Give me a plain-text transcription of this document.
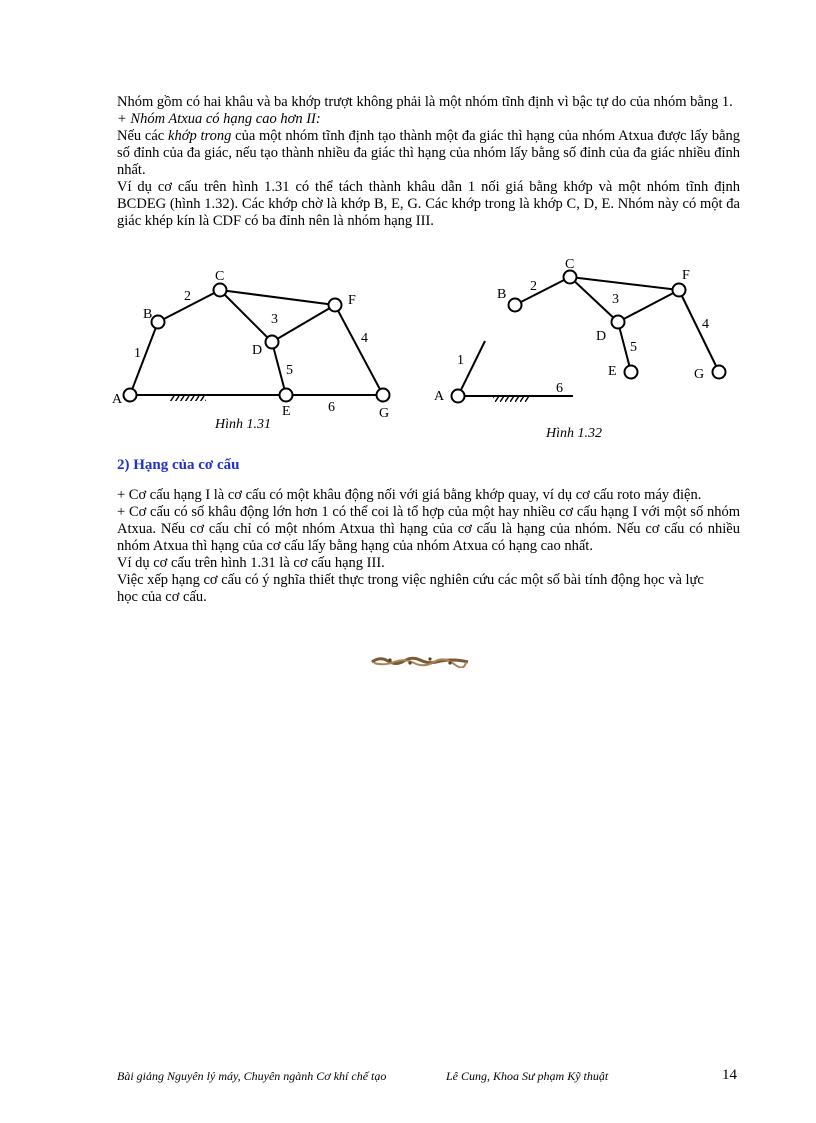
Nhóm gồm có hai khâu và ba khớp trượt không phải là một nhóm tĩnh định vì bậc tự do của nhóm bằng 1.

+ Nhóm Atxua có hạng cao hơn II:

Nếu các khớp trong của một nhóm tĩnh định tạo thành một đa giác thì hạng của nhóm Atxua được lấy bằng số đỉnh của đa giác, nếu tạo thành nhiều đa giác thì hạng của nhóm lấy bằng số đỉnh của đa giác nhiều đỉnh nhất.

Ví dụ cơ cấu trên hình 1.31 có thể tách thành khâu dẫn 1 nối giá bằng khớp và một nhóm tĩnh định BCDEG (hình 1.32). Các khớp chờ là khớp B, E, G. Các khớp trong là khớp C, D, E. Nhóm này có một đa giác khép kín là CDF có ba đỉnh nên là nhóm hạng III.

A
B
C
D
E
F
G
1
2
3
4
5
6
Hình 1.31
A
B
C
D
E
F
G
1
2
3
4
5
6
Hình 1.32
2) Hạng của cơ cấu

+ Cơ cấu hạng I là cơ cấu có một khâu động nối với giá bằng khớp quay, ví dụ cơ cấu roto máy điện.

+ Cơ cấu có số khâu động lớn hơn 1 có thể coi là tổ hợp của một hay nhiều cơ cấu hạng I với một số nhóm Atxua. Nếu cơ cấu chỉ có một nhóm Atxua thì hạng của cơ cấu là hạng của nhóm. Nếu cơ cấu có nhiều nhóm Atxua thì hạng của cơ cấu lấy bằng hạng của nhóm Atxua có hạng cao nhất.

Ví dụ cơ cấu trên hình 1.31 là cơ cấu hạng III.

Việc xếp hạng cơ cấu có ý nghĩa thiết thực trong việc nghiên cứu các một số bài tính động học và lực học của cơ cấu.

Bài giảng Nguyên lý máy, Chuyên ngành Cơ khí chế tạo	Lê Cung, Khoa Sư phạm Kỹ thuật	14
